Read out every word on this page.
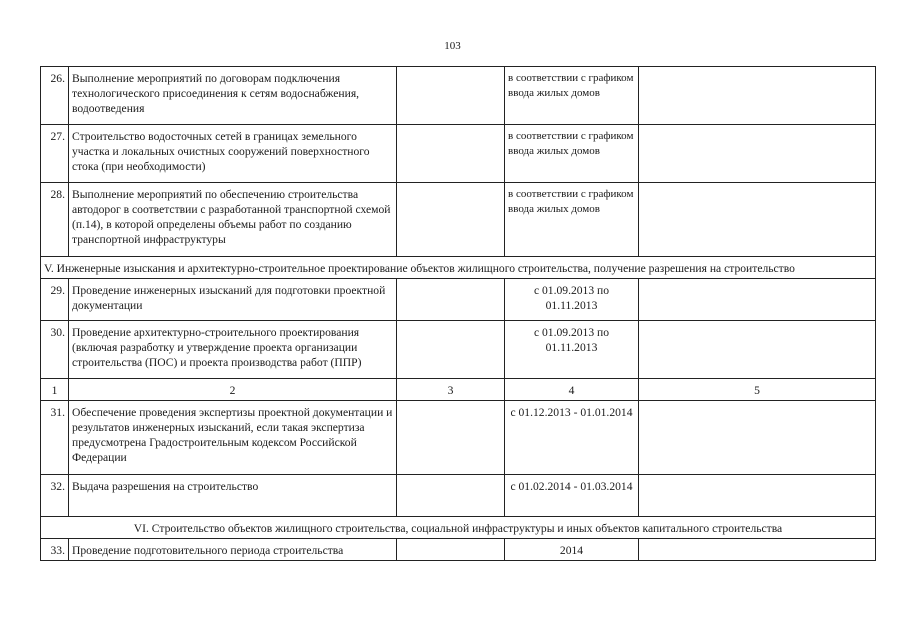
103
26.	Выполнение мероприятий по договорам подключения технологического присоединения к сетям водоснабжения, водоотведения		в соответствии с графиком ввода жилых домов	
27.	Строительство водосточных сетей в границах земельного участка и локальных очистных сооружений поверхностного стока (при необходимости)		в соответствии с графиком ввода жилых домов	
28.	Выполнение мероприятий по обеспечению строительства автодорог в соответствии с разработанной транспортной схемой (п.14), в которой определены объемы работ по созданию транспортной инфраструктуры		в соответствии с графиком ввода жилых домов	
V. Инженерные изыскания и архитектурно-строительное проектирование объектов жилищного строительства, получение разрешения на строительство				
29.	Проведение инженерных изысканий для подготовки проектной документации		с 01.09.2013 по 01.11.2013	
30.	Проведение архитектурно-строительного проектирования (включая разработку и утверждение проекта организации строительства (ПОС) и проекта производства работ (ППР)		с 01.09.2013 по 01.11.2013	
1	2	3	4	5
31.	Обеспечение проведения экспертизы проектной документации и результатов инженерных изысканий, если такая экспертиза предусмотрена Градостроительным кодексом Российской Федерации		с 01.12.2013 - 01.01.2014	
32.	Выдача разрешения на строительство		с 01.02.2014 - 01.03.2014	
VI. Строительство объектов жилищного строительства, социальной инфраструктуры и иных объектов капитального строительства				
33.	Проведение подготовительного периода строительства		2014	
